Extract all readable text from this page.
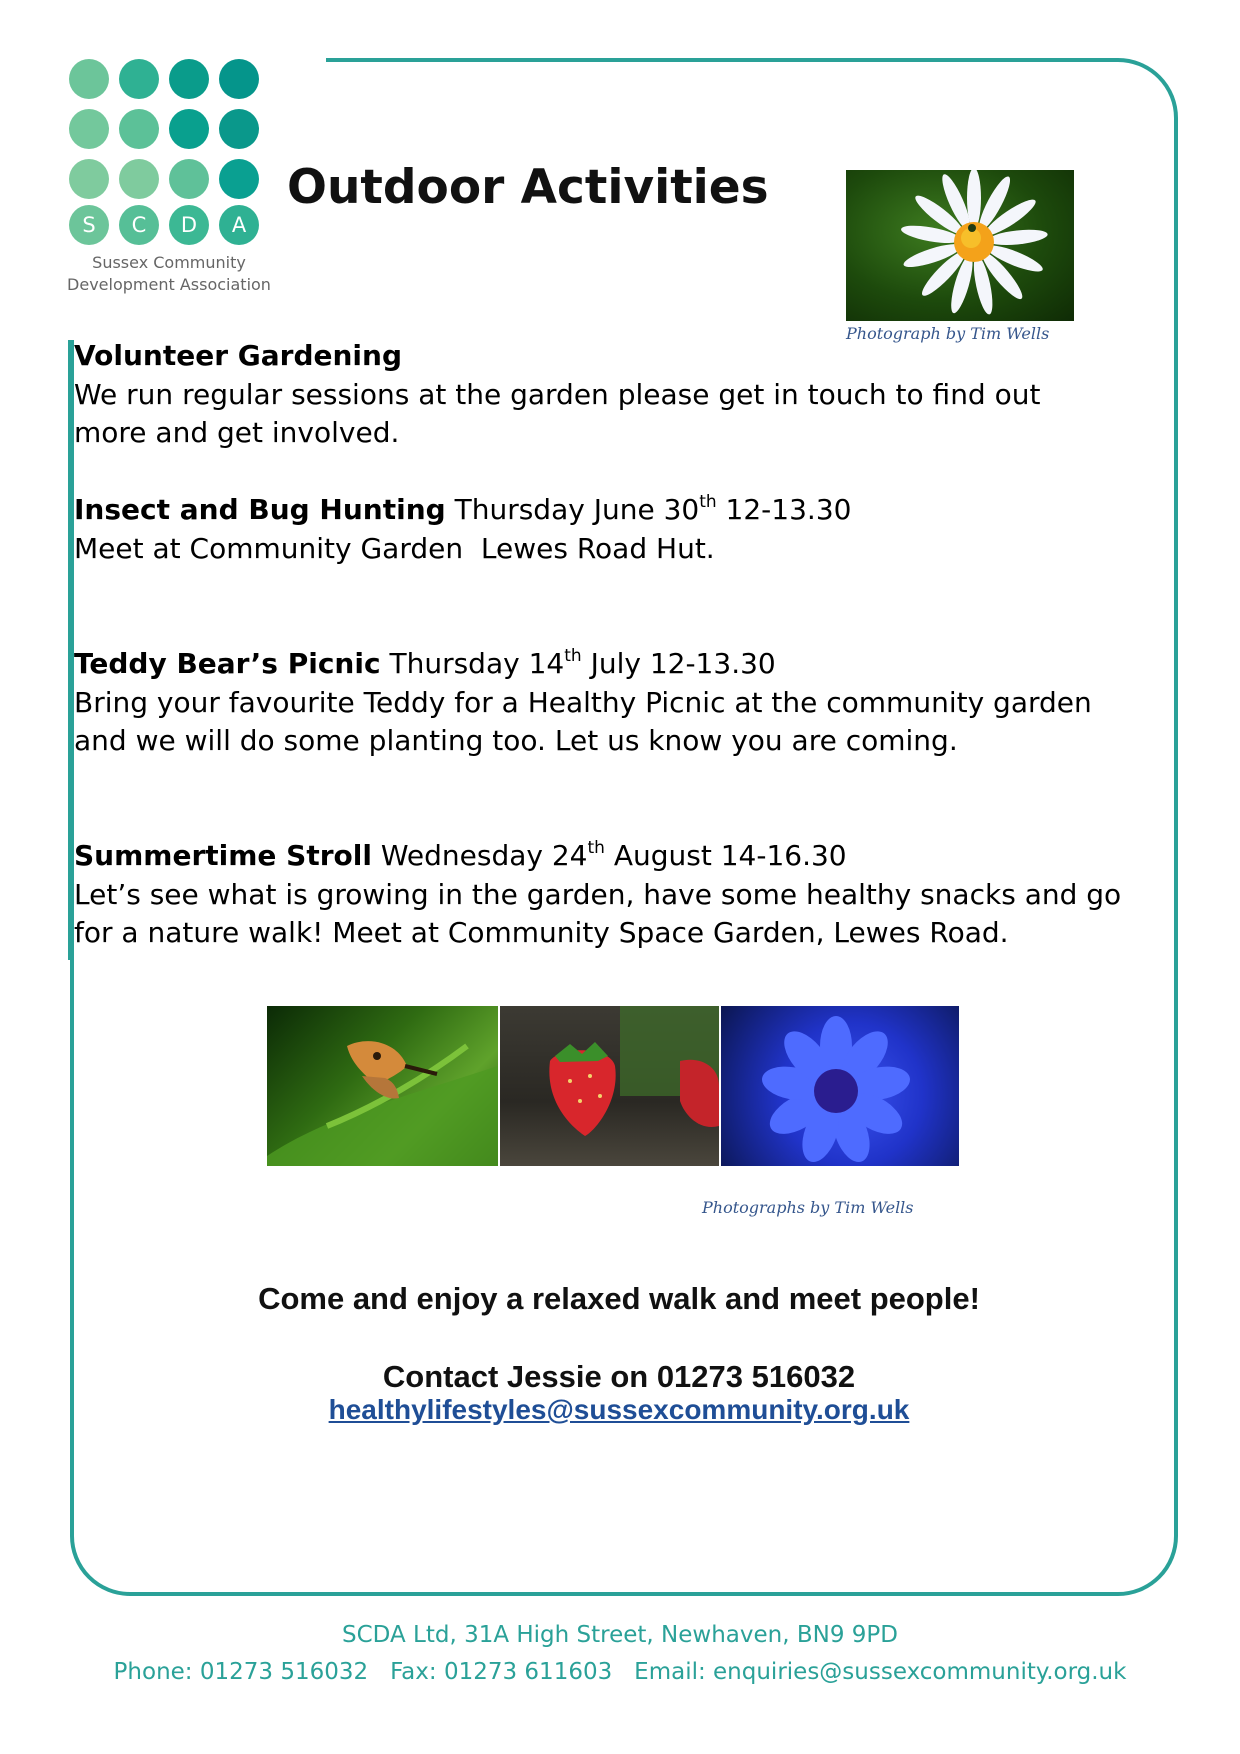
S	C	D	A
Sussex Community
Development Association
Outdoor Activities
Photograph by Tim Wells
Volunteer Gardening
We run regular sessions at the garden please get in touch to find out more and get involved.
Insect and Bug Hunting Thursday June 30th 12-13.30
Meet at Community Garden  Lewes Road Hut.
Teddy Bear’s Picnic Thursday 14th July 12-13.30
Bring your favourite Teddy for a Healthy Picnic at the community garden and we will do some planting too. Let us know you are coming.
Summertime Stroll Wednesday 24th August 14-16.30
Let’s see what is growing in the garden, have some healthy snacks and go for a nature walk! Meet at Community Space Garden, Lewes Road.
Photographs by Tim Wells
Come and enjoy a relaxed walk and meet people!
Contact Jessie on 01273 516032
healthylifestyles@sussexcommunity.org.uk
SCDA Ltd, 31A High Street, Newhaven, BN9 9PD
Phone: 01273 516032   Fax: 01273 611603   Email: enquiries@sussexcommunity.org.uk
